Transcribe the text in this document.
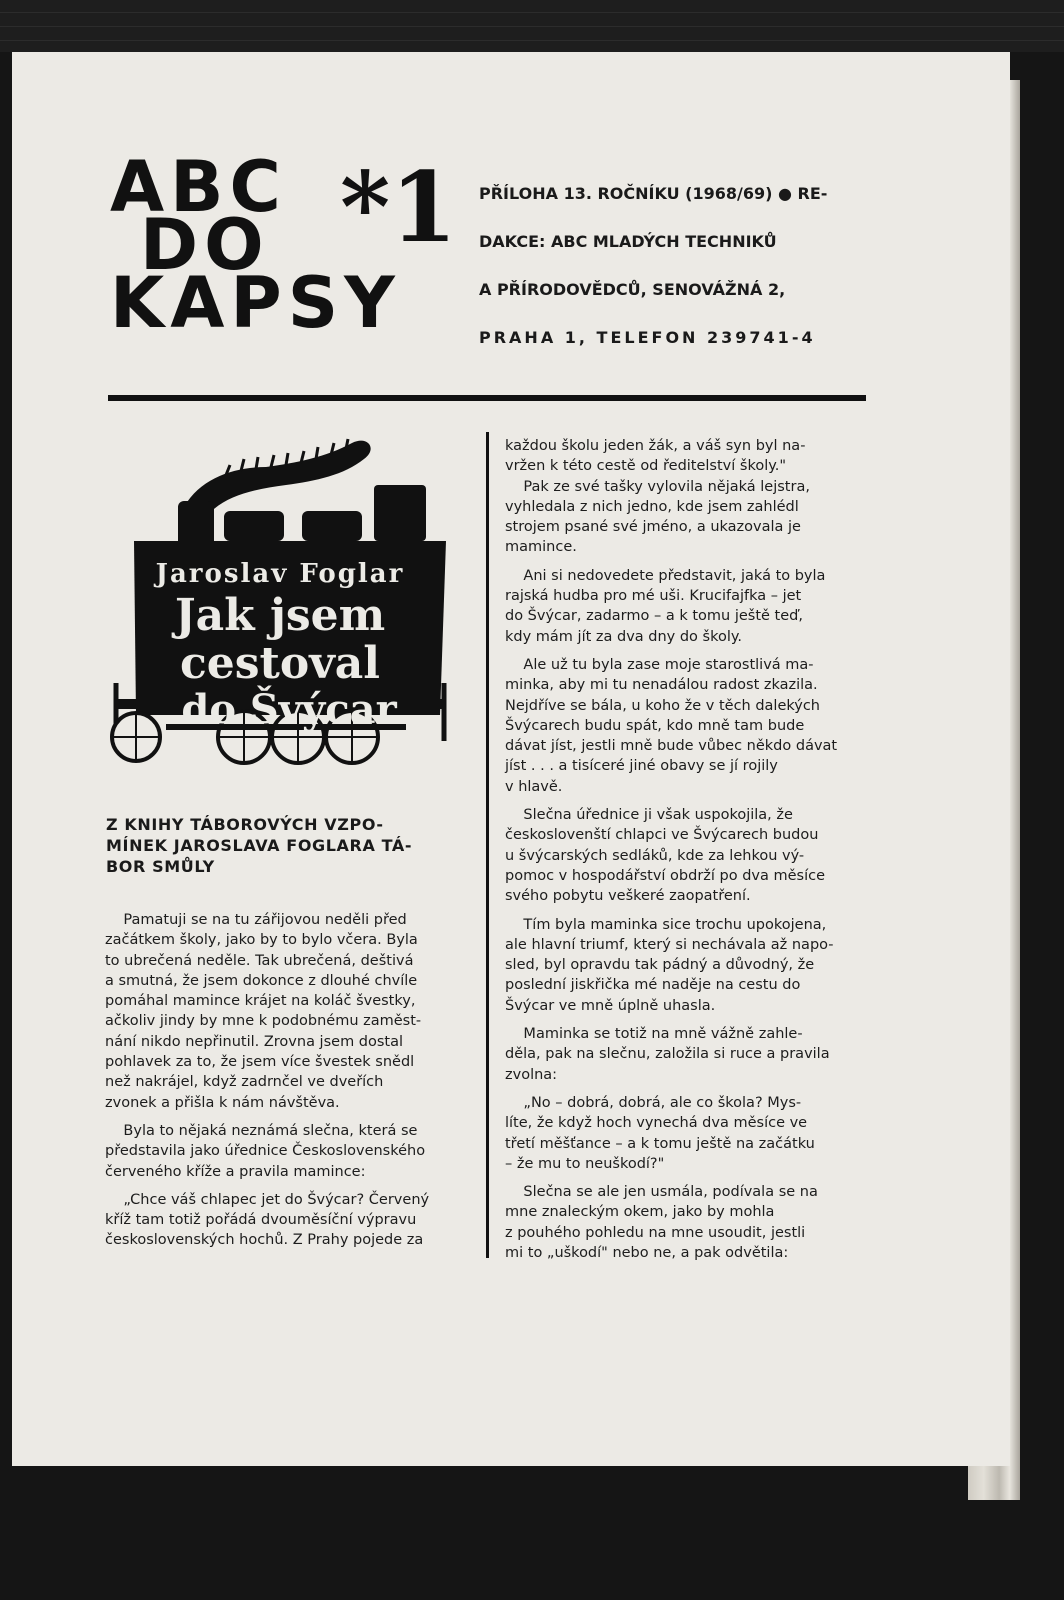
ABC
DO
KAPSY
*1 PŘÍLOHA 13. ROČNÍKU (1968/69) ● RE-
DAKCE: ABC MLADÝCH TECHNIKŮ
A PŘÍRODOVĚDCŮ, SENOVÁŽNÁ 2,
PRAHA 1, TELEFON 239741-4
Jaroslav Foglar
Jak jsem
cestoval
do Švýcar
Z KNIHY TÁBOROVÝCH VZPO-
MÍNEK JAROSLAVA FOGLARA TÁ-
BOR SMŮLY
Pamatuji se na tu zářijovou neděli před
začátkem školy, jako by to bylo včera. Byla
to ubrečená neděle. Tak ubrečená, deštivá
a smutná, že jsem dokonce z dlouhé chvíle
pomáhal mamince krájet na koláč švestky,
ačkoliv jindy by mne k podobnému zaměst-
nání nikdo nepřinutil. Zrovna jsem dostal
pohlavek za to, že jsem více švestek snědl
než nakrájel, když zadrnčel ve dveřích
zvonek a přišla k nám návštěva.
Byla to nějaká neznámá slečna, která se
představila jako úřednice Československého
červeného kříže a pravila mamince:
„Chce váš chlapec jet do Švýcar? Červený
kříž tam totiž pořádá dvouměsíční výpravu
československých hochů. Z Prahy pojede za
každou školu jeden žák, a váš syn byl na-
vržen k této cestě od ředitelství školy."
Pak ze své tašky vylovila nějaká lejstra,
vyhledala z nich jedno, kde jsem zahlédl
strojem psané své jméno, a ukazovala je
mamince.
Ani si nedovedete představit, jaká to byla
rajská hudba pro mé uši. Krucifajfka – jet
do Švýcar, zadarmo – a k tomu ještě teď,
kdy mám jít za dva dny do školy.
Ale už tu byla zase moje starostlivá ma-
minka, aby mi tu nenadálou radost zkazila.
Nejdříve se bála, u koho že v těch dalekých
Švýcarech budu spát, kdo mně tam bude
dávat jíst, jestli mně bude vůbec někdo dávat
jíst . . . a tisíceré jiné obavy se jí rojily
v hlavě.
Slečna úřednice ji však uspokojila, že
českoslovenští chlapci ve Švýcarech budou
u švýcarských sedláků, kde za lehkou vý-
pomoc v hospodářství obdrží po dva měsíce
svého pobytu veškeré zaopatření.
Tím byla maminka sice trochu upokojena,
ale hlavní triumf, který si nechávala až napo-
sled, byl opravdu tak pádný a důvodný, že
poslední jiskřička mé naděje na cestu do
Švýcar ve mně úplně uhasla.
Maminka se totiž na mně vážně zahle-
děla, pak na slečnu, založila si ruce a pravila
zvolna:
„No – dobrá, dobrá, ale co škola? Mys-
líte, že když hoch vynechá dva měsíce ve
třetí měšťance – a k tomu ještě na začátku
– že mu to neuškodí?"
Slečna se ale jen usmála, podívala se na
mne znaleckým okem, jako by mohla
z pouhého pohledu na mne usoudit, jestli
mi to „uškodí" nebo ne, a pak odvětila:
